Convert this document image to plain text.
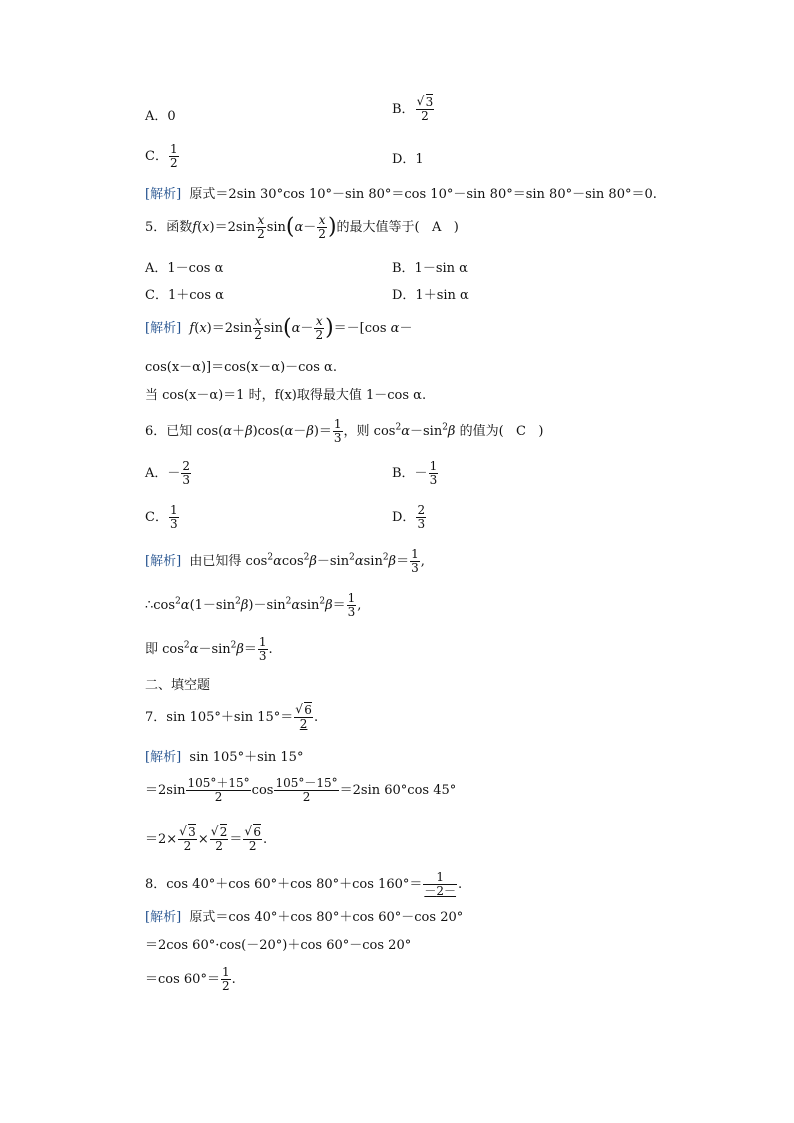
A．0	B． √ $\frac{3}{2}$
C． $\frac{1}{2}$	D．1
[解析] 原式＝2sin 30°cos 10°－sin 80°＝cos 10°－sin 80°＝sin 80°－sin 80°＝0.
5．函数$f(x)=2\sin \frac{x}{2} \sin(\alpha- \frac{x}{2}$ )的最大值等于(   A   )
A．1－cos α	B．1－sin α
C．1＋cos α	D．1＋sin α
[解析] $f(x)=2\sin \frac{x}{2} \sin(\alpha- \frac{x}{2} )=-[\cos$ α－
cos(x－α)]＝cos(x－α)－cos α.
当 cos(x－α)＝1 时，f(x)取得最大值 1－cos α.
6．已知 $\cos(\alpha+\beta)\cos(\alpha-\beta)= \frac{1}{3}$ ，则 $\cos^2\alpha-\sin^2\beta$ 的值为(   C   )
A．－ $\frac{2}{3}$	B．－ $\frac{1}{3}$
C． $\frac{1}{3}$	D． $\frac{2}{3}$
[解析]  由已知得 $\cos^2\alpha\cos^2\beta-\sin^2\alpha\sin^2\beta= \frac{1}{3}$ ,
$\therefore\cos^2\alpha(1-\sin^2\beta)-\sin^2\alpha\sin^2\beta= \frac{1}{3}$ ,
即 $\cos^2\alpha-\sin^2\beta= \frac{1}{3}$ .
二、填空题
7．sin 105°＋sin 15°＝ √ $\frac{6}{2}$ .
[解析] sin 105°＋sin 15°
$=2\sin \frac{105^\circ+15^\circ}{2}$ $\cos \frac{105^\circ-15^\circ}{2} =2\sin$ 60°cos 45°
＝2× √ $\frac{3}{2}$ × √ $\frac{2}{2}$ ＝ √ $\frac{6}{2}$ .
8．cos 40°＋cos 60°＋cos 80°＋cos $160^\circ= \frac{1}{-2-}$ .
[解析] 原式＝cos 40°＋cos 80°＋cos 60°－cos 20°
＝2cos 60°·cos(－20°)＋cos 60°－cos 20°
＝cos $60^\circ= \frac{1}{2}$ .
